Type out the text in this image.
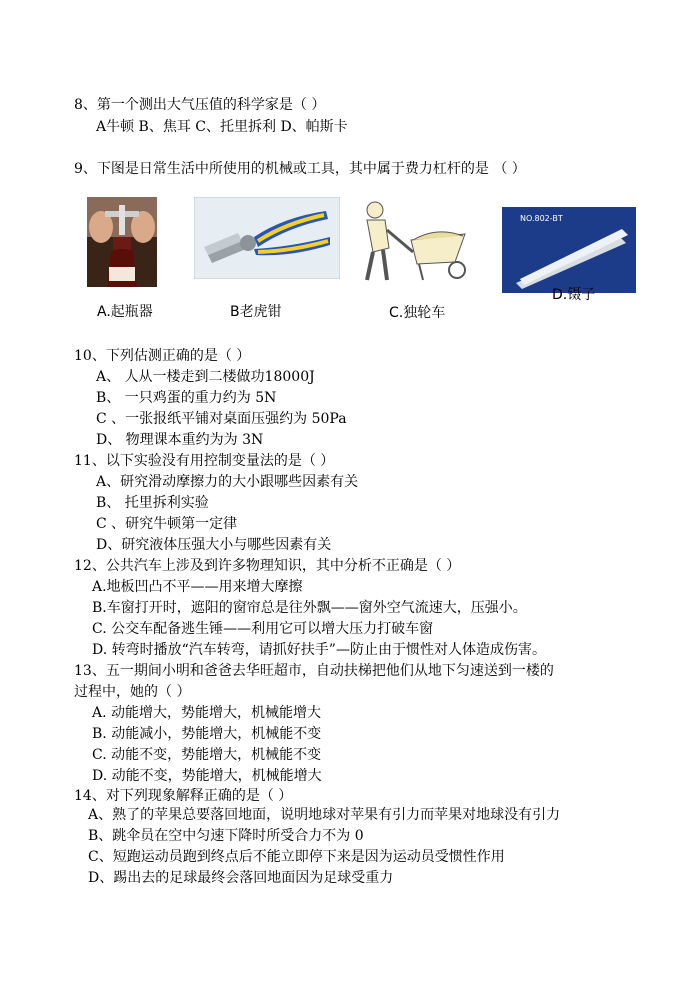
8、第一个测出大气压值的科学家是（ ）
A牛顿 B、焦耳 C、托里拆利 D、帕斯卡
9、下图是日常生活中所使用的机械或工具，其中属于费力杠杆的是 （ ）
A.起瓶器	B老虎钳	C.独轮车
NO.802-BT
D.镊子
10、下列估测正确的是（ ）
A、 人从一楼走到二楼做功18000J
B、 一只鸡蛋的重力约为 5N
C 、一张报纸平铺对桌面压强约为 50Pa
D、 物理课本重约为为 3N
11、以下实验没有用控制变量法的是（ ）
A、研究滑动摩擦力的大小跟哪些因素有关
B、 托里拆利实验
C 、研究牛顿第一定律
D、研究液体压强大小与哪些因素有关
12、公共汽车上涉及到许多物理知识，其中分析不正确是（ ）
A.地板凹凸不平——用来增大摩擦
B.车窗打开时，遮阳的窗帘总是往外飘——窗外空气流速大，压强小。
C. 公交车配备逃生锤——利用它可以增大压力打破车窗
D. 转弯时播放“汽车转弯，请抓好扶手”—防止由于惯性对人体造成伤害。
13、五一期间小明和爸爸去华旺超市，自动扶梯把他们从地下匀速送到一楼的
过程中，她的（ ）
A. 动能增大，势能增大，机械能增大
B. 动能减小，势能增大，机械能不变
C. 动能不变，势能增大，机械能不变
D. 动能不变，势能增大，机械能增大
14、对下列现象解释正确的是（ ）
A、熟了的苹果总要落回地面，说明地球对苹果有引力而苹果对地球没有引力
B、跳伞员在空中匀速下降时所受合力不为 0
C、短跑运动员跑到终点后不能立即停下来是因为运动员受惯性作用
D、踢出去的足球最终会落回地面因为足球受重力
